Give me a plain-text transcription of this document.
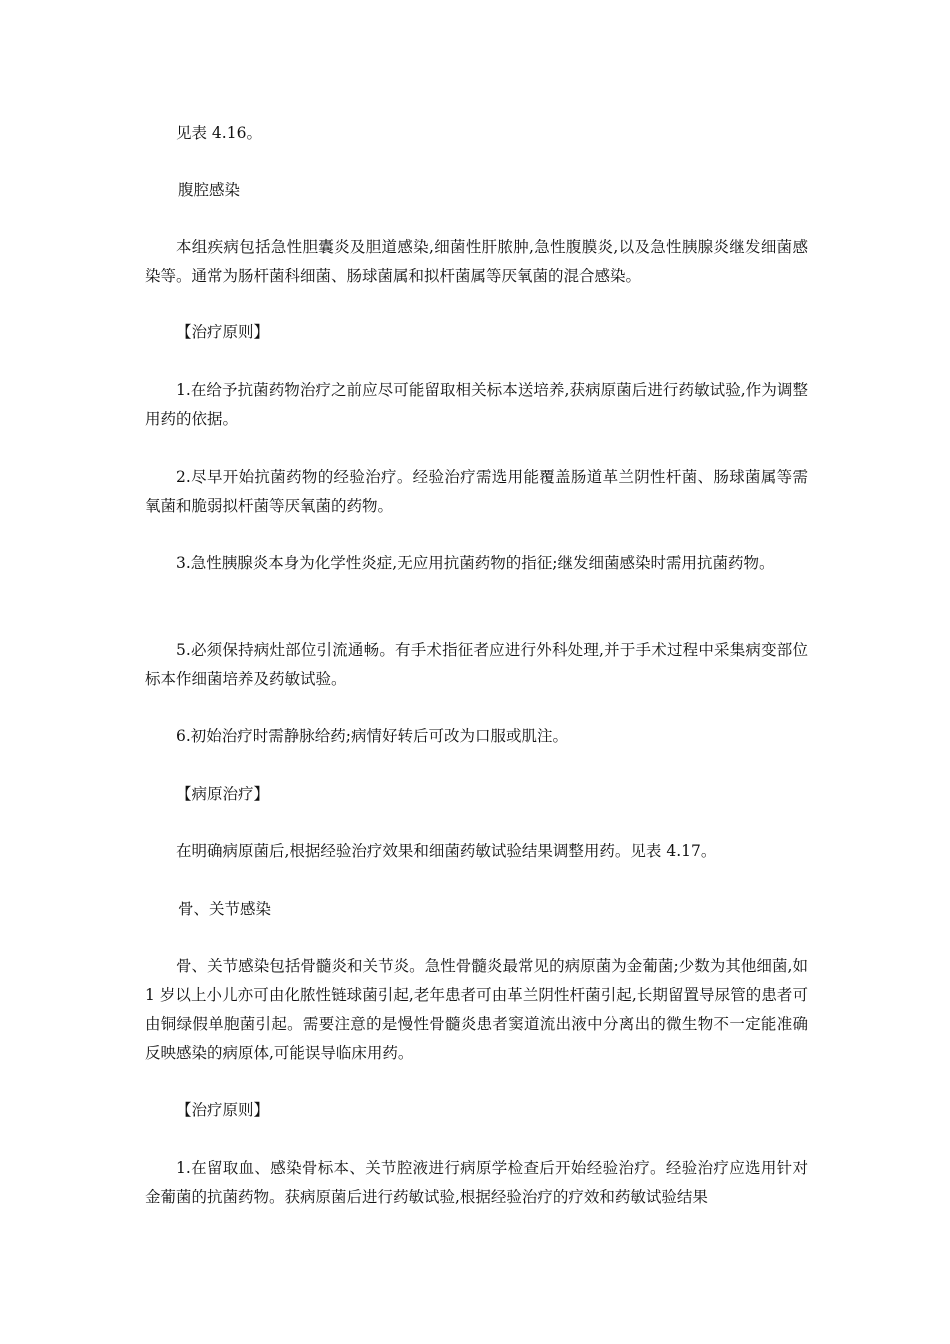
见表 4.16。

腹腔感染

本组疾病包括急性胆囊炎及胆道感染,细菌性肝脓肿,急性腹膜炎,以及急性胰腺炎继发细菌感染等。通常为肠杆菌科细菌、肠球菌属和拟杆菌属等厌氧菌的混合感染。

【治疗原则】

1.在给予抗菌药物治疗之前应尽可能留取相关标本送培养,获病原菌后进行药敏试验,作为调整用药的依据。

2.尽早开始抗菌药物的经验治疗。经验治疗需选用能覆盖肠道革兰阴性杆菌、肠球菌属等需氧菌和脆弱拟杆菌等厌氧菌的药物。

3.急性胰腺炎本身为化学性炎症,无应用抗菌药物的指征;继发细菌感染时需用抗菌药物。

5.必须保持病灶部位引流通畅。有手术指征者应进行外科处理,并于手术过程中采集病变部位标本作细菌培养及药敏试验。

6.初始治疗时需静脉给药;病情好转后可改为口服或肌注。

【病原治疗】

在明确病原菌后,根据经验治疗效果和细菌药敏试验结果调整用药。见表 4.17。

骨、关节感染

骨、关节感染包括骨髓炎和关节炎。急性骨髓炎最常见的病原菌为金葡菌;少数为其他细菌,如 1 岁以上小儿亦可由化脓性链球菌引起,老年患者可由革兰阴性杆菌引起,长期留置导尿管的患者可由铜绿假单胞菌引起。需要注意的是慢性骨髓炎患者窦道流出液中分离出的微生物不一定能准确反映感染的病原体,可能误导临床用药。

【治疗原则】

1.在留取血、感染骨标本、关节腔液进行病原学检查后开始经验治疗。经验治疗应选用针对金葡菌的抗菌药物。获病原菌后进行药敏试验,根据经验治疗的疗效和药敏试验结果
